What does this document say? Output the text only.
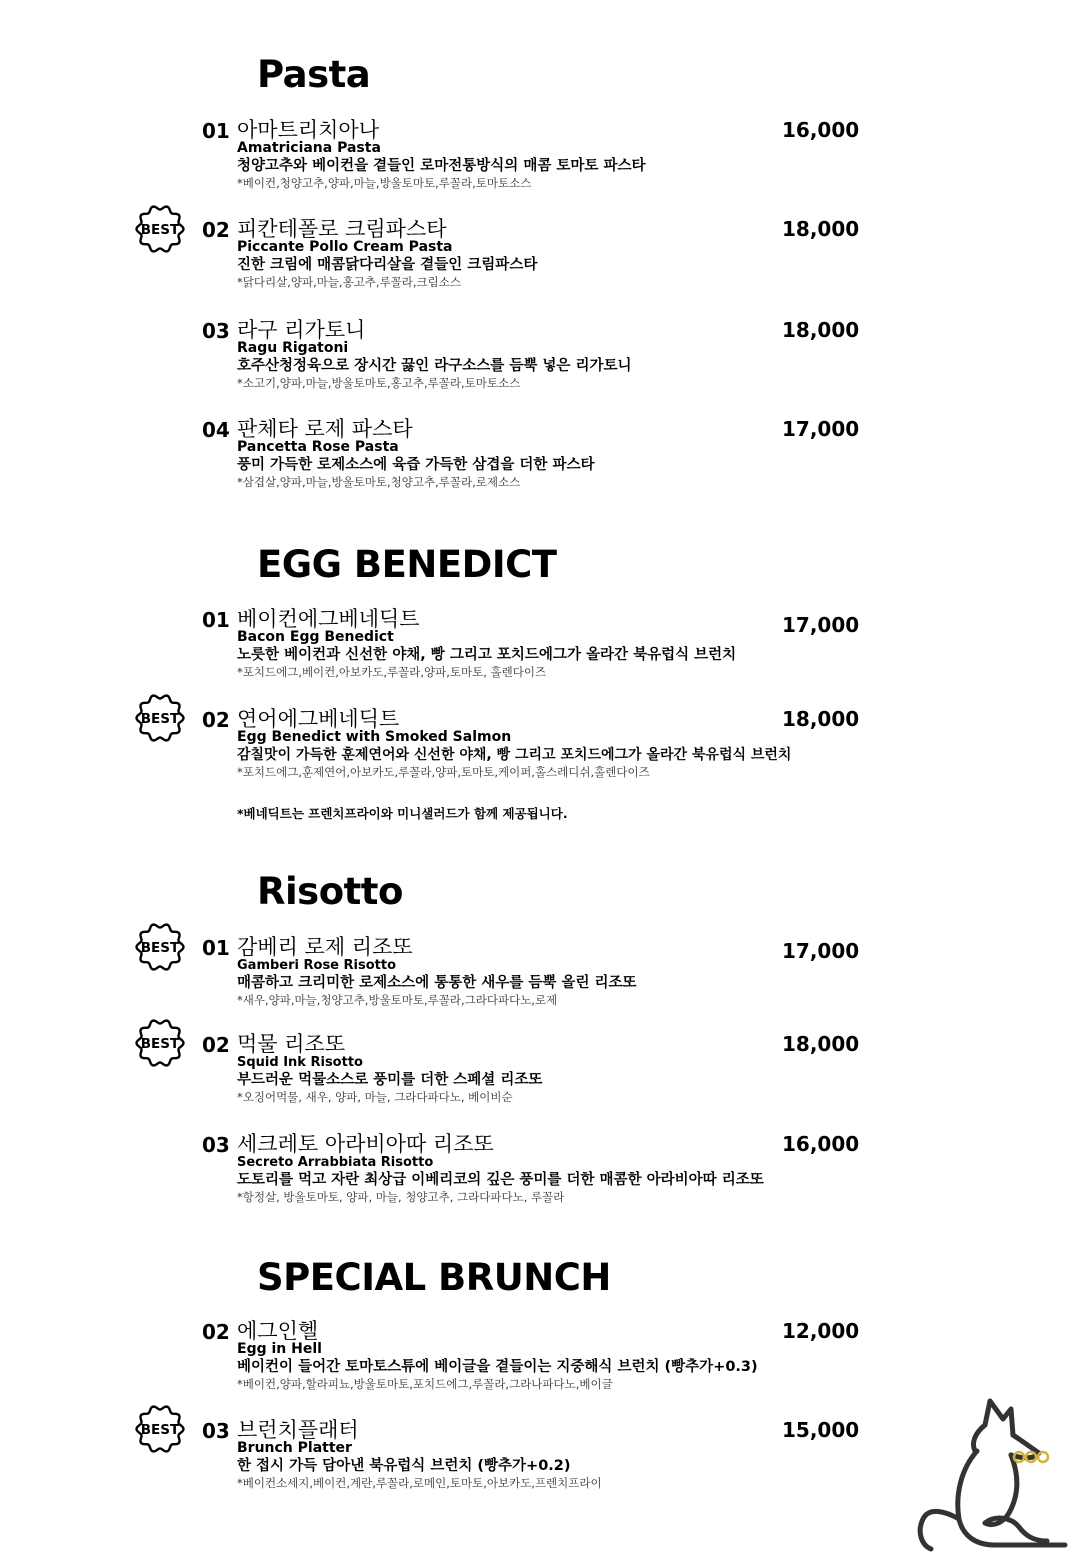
Pasta
EGG BENEDICT
Risotto
SPECIAL BRUNCH
01 아마트리치아나	16,000
Amatriciana Pasta
청양고추와 베이컨을 곁들인 로마전통방식의 매콤 토마토 파스타
*베이컨,청양고추,양파,마늘,방울토마토,루꼴라,토마토소스
02 피칸테폴로 크림파스타	18,000
Piccante Pollo Cream Pasta
진한 크림에 매콤닭다리살을 곁들인 크림파스타
*닭다리살,양파,마늘,홍고추,루꼴라,크림소스
03 라구 리가토니	18,000
Ragu Rigatoni
호주산청정육으로 장시간 끓인 라구소스를 듬뿍 넣은 리가토니
*소고기,양파,마늘,방울토마토,홍고추,루꼴라,토마토소스
04 판체타 로제 파스타	17,000
Pancetta Rose Pasta
풍미 가득한 로제소스에 육즙 가득한 삼겹을 더한 파스타
*삼겹살,양파,마늘,방울토마토,청양고추,루꼴라,로제소스
01 베이컨에그베네딕트	17,000
Bacon Egg Benedict
노릇한 베이컨과 신선한 야채, 빵 그리고 포치드에그가 올라간 북유럽식 브런치
*포치드에그,베이컨,아보카도,루꼴라,양파,토마토, 홀렌다이즈
02 연어에그베네딕트	18,000
Egg Benedict with Smoked Salmon
감칠맛이 가득한 훈제연어와 신선한 야채, 빵 그리고 포치드에그가 올라간 북유럽식 브런치
*포치드에그,훈제연어,아보카도,루꼴라,양파,토마토,케이퍼,홀스레디쉬,홀렌다이즈
*베네딕트는 프렌치프라이와 미니샐러드가 함께 제공됩니다.
01 감베리 로제 리조또	17,000
Gamberi Rose Risotto
매콤하고 크리미한 로제소스에 통통한 새우를 듬뿍 올린 리조또
*새우,양파,마늘,청양고추,방울토마토,루꼴라,그라다파다노,로제
02 먹물 리조또	18,000
Squid Ink Risotto
부드러운 먹물소스로 풍미를 더한 스페셜 리조또
*오징어먹물, 새우, 양파, 마늘, 그라다파다노, 베이비순
03 세크레토 아라비아따 리조또	16,000
Secreto Arrabbiata Risotto
도토리를 먹고 자란 최상급 이베리코의 깊은 풍미를 더한 매콤한 아라비아따 리조또
*항정살, 방울토마토, 양파, 마늘, 청양고추, 그라다파다노, 루꼴라
02 에그인헬	12,000
Egg in Hell
베이컨이 들어간 토마토스튜에 베이글을 곁들이는 지중해식 브런치 (빵추가+0.3)
*베이컨,양파,할라피뇨,방울토마토,포치드에그,루꼴라,그라나파다노,베이글
03 브런치플래터	15,000
Brunch Platter
한 접시 가득 담아낸 북유럽식 브런치 (빵추가+0.2)
*베이컨소세지,베이컨,계란,루꼴라,로메인,토마토,아보카도,프렌치프라이
BEST
BEST
BEST
BEST
BEST
